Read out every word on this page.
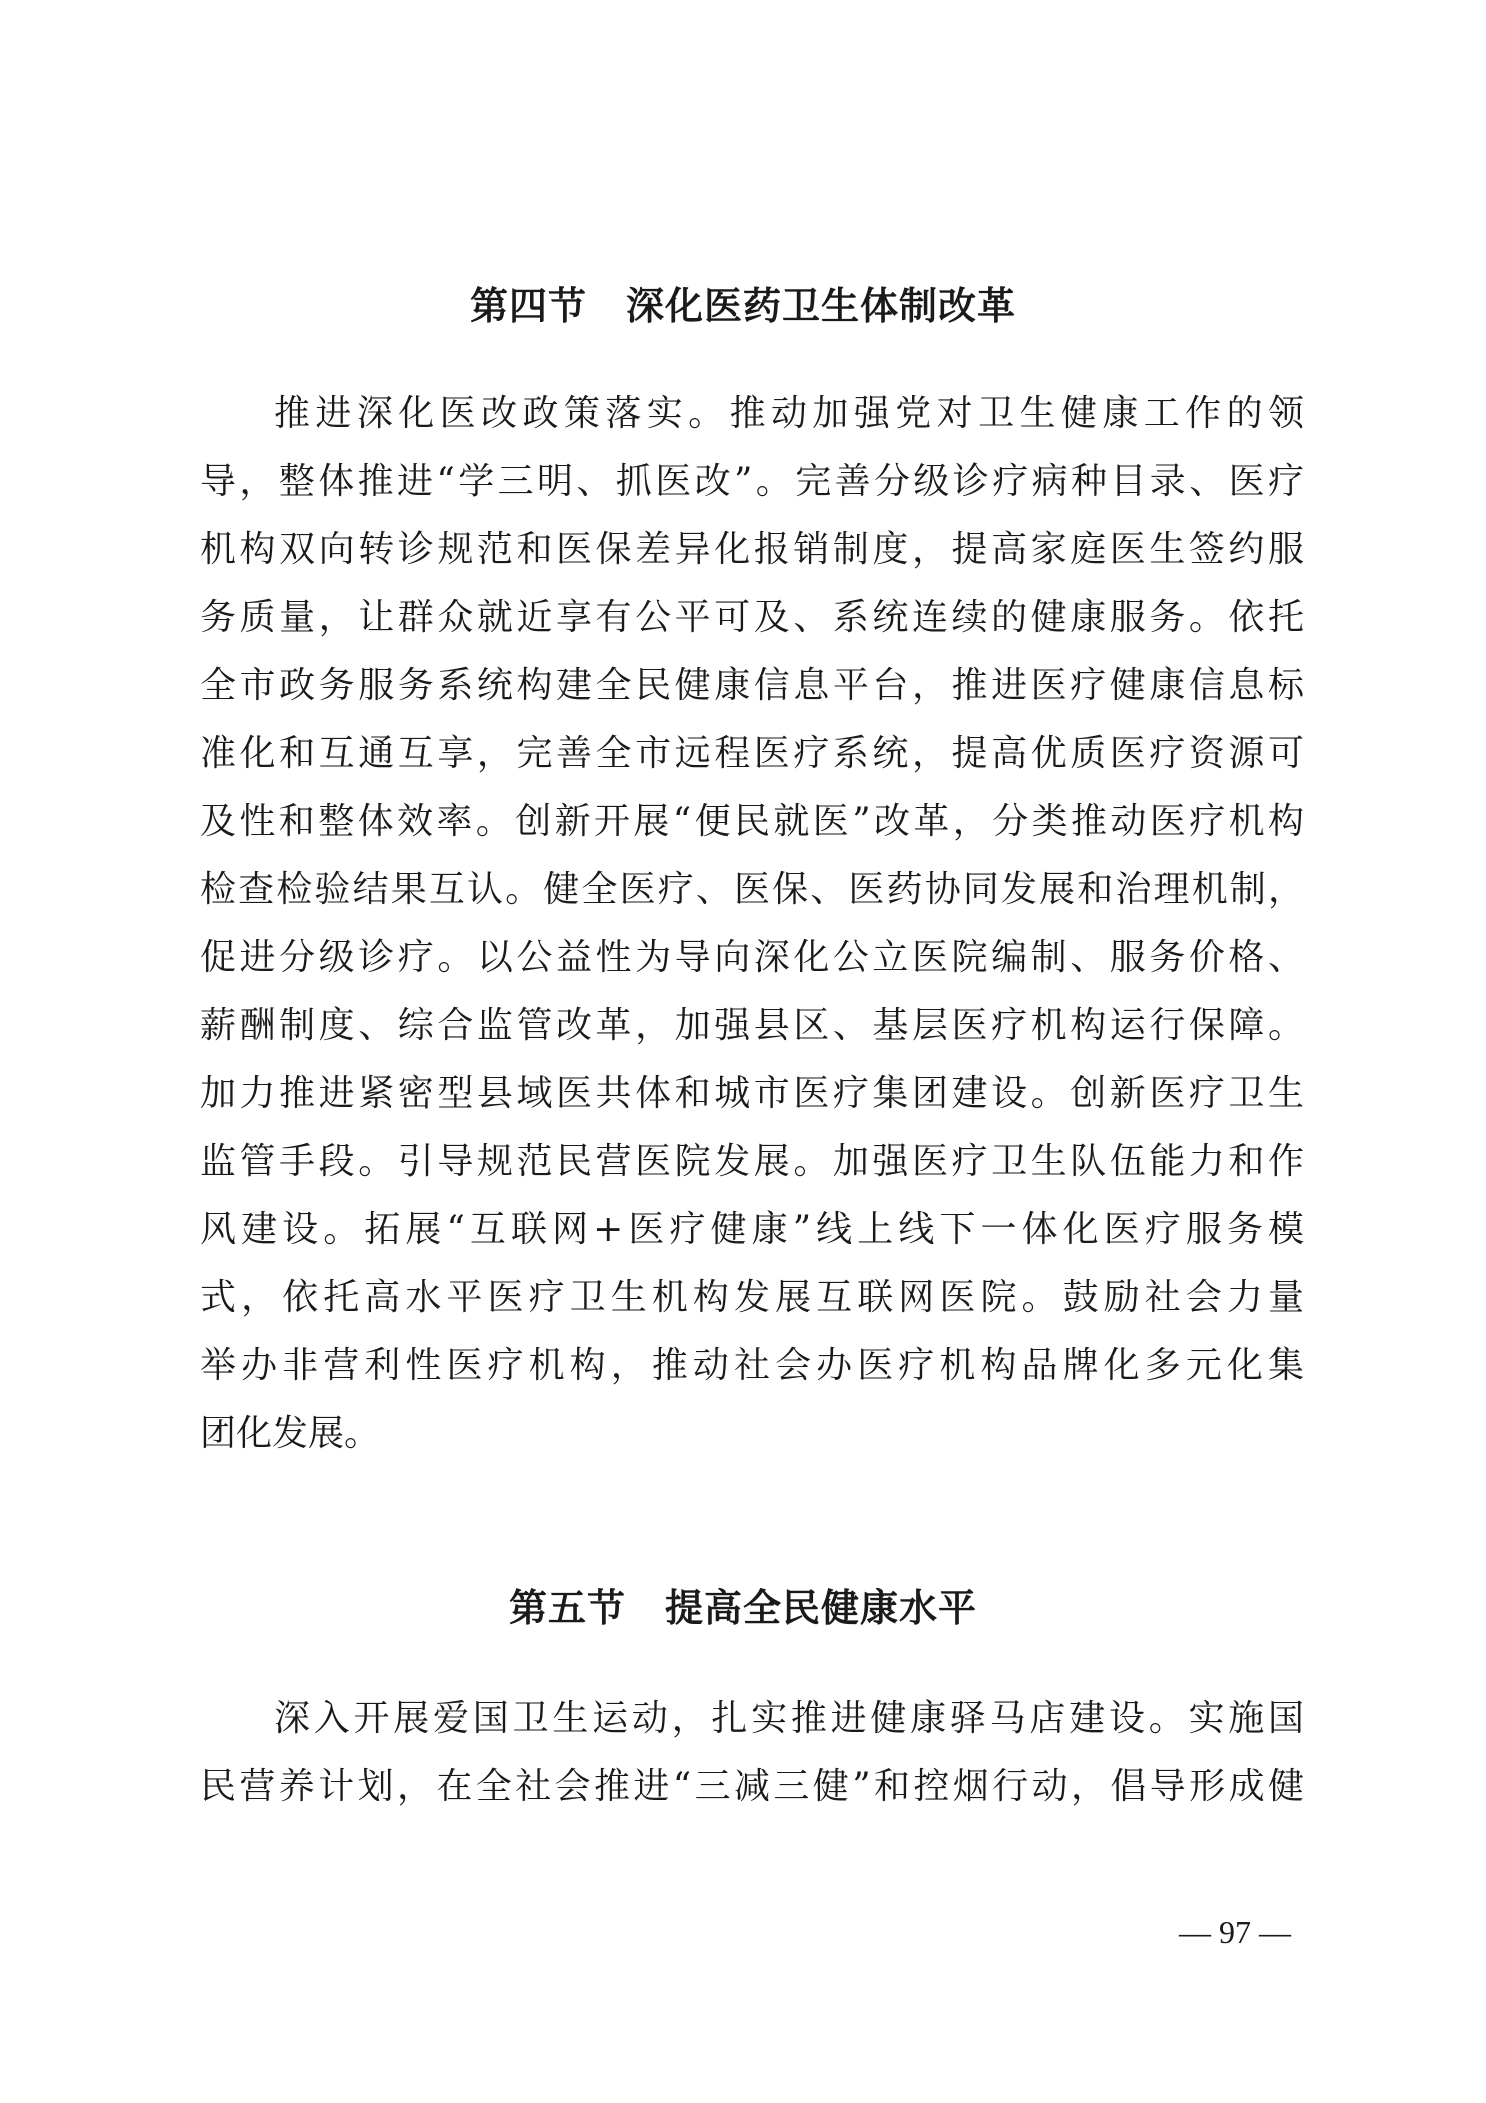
第四节　深化医药卫生体制改革
推进深化医改政策落实。推动加强党对卫生健康工作的领
导，整体推进“学三明、抓医改”。完善分级诊疗病种目录、医疗
机构双向转诊规范和医保差异化报销制度，提高家庭医生签约服
务质量，让群众就近享有公平可及、系统连续的健康服务。依托
全市政务服务系统构建全民健康信息平台，推进医疗健康信息标
准化和互通互享，完善全市远程医疗系统，提高优质医疗资源可
及性和整体效率。创新开展“便民就医”改革，分类推动医疗机构
检查检验结果互认。健全医疗、医保、医药协同发展和治理机制，
促进分级诊疗。以公益性为导向深化公立医院编制、服务价格、
薪酬制度、综合监管改革，加强县区、基层医疗机构运行保障。
加力推进紧密型县域医共体和城市医疗集团建设。创新医疗卫生
监管手段。引导规范民营医院发展。加强医疗卫生队伍能力和作
风建设。拓展“互联网+医疗健康”线上线下一体化医疗服务模
式，依托高水平医疗卫生机构发展互联网医院。鼓励社会力量
举办非营利性医疗机构，推动社会办医疗机构品牌化多元化集
团化发展。
第五节　提高全民健康水平
深入开展爱国卫生运动，扎实推进健康驿马店建设。实施国
民营养计划，在全社会推进“三减三健”和控烟行动，倡导形成健
— 97 —
